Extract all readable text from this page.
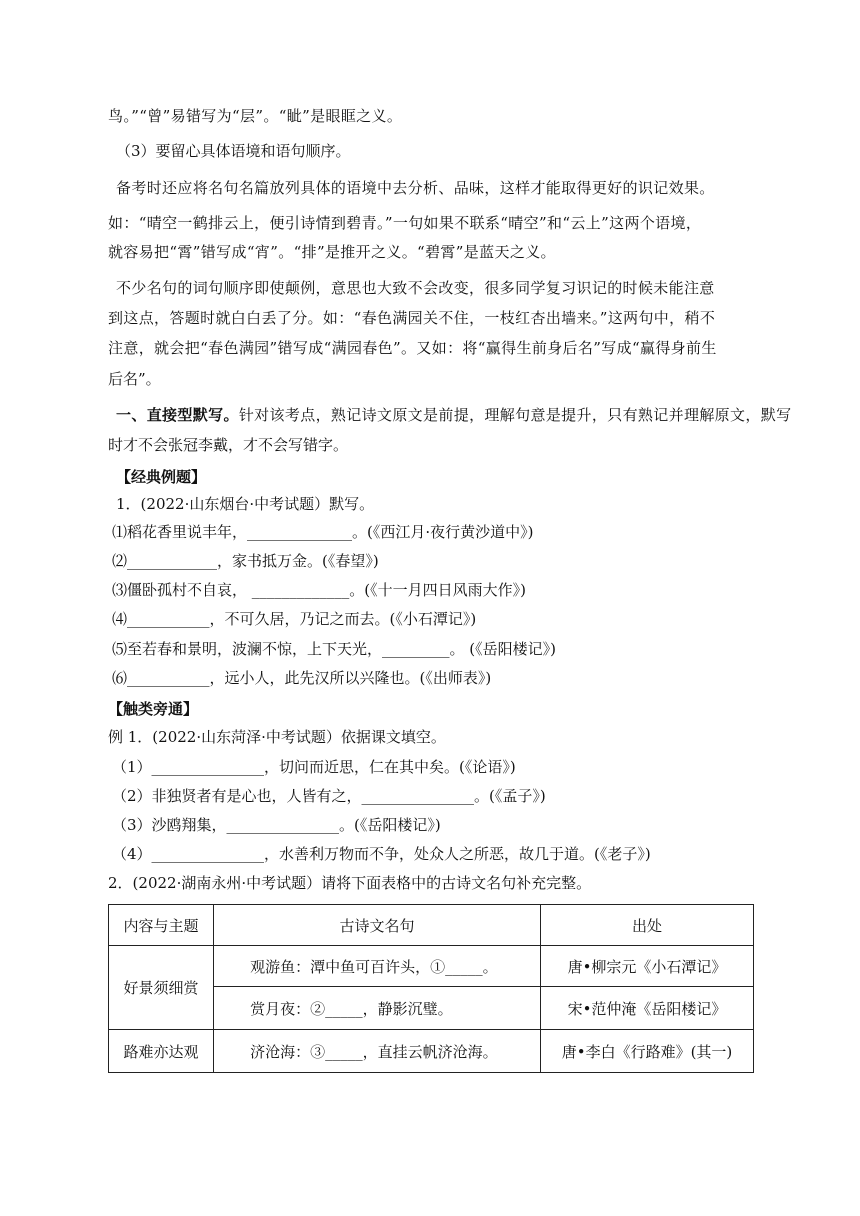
鸟。”“曾”易错写为“层”。“眦”是眼眶之义。
（3）要留心具体语境和语句顺序。
备考时还应将名句名篇放列具体的语境中去分析、品味，这样才能取得更好的识记效果。
如：“晴空一鹤排云上，便引诗情到碧青。”一句如果不联系“晴空”和“云上”这两个语境，
就容易把“霄”错写成“宵”。“排”是推开之义。“碧霄”是蓝天之义。
不少名句的词句顺序即使颠例，意思也大致不会改变，很多同学复习识记的时候未能注意
到这点，答题时就白白丢了分。如：“春色满园关不住，一枝红杏出墙来。”这两句中，稍不
注意，就会把“春色满园”错写成“满园春色”。又如：将“赢得生前身后名”写成“赢得身前生
后名”。
一、直接型默写。针对该考点，熟记诗文原文是前提，理解句意是提升，只有熟记并理解原文，默写
时才不会张冠李戴，才不会写错字。
【经典例题】
1．(2022·山东烟台·中考试题）默写。
⑴稻花香里说丰年，______________。(《西江月·夜行黄沙道中》)
⑵____________，家书抵万金。(《春望》)
⑶僵卧孤村不自哀， _____________。(《十一月四日风雨大作》)
⑷___________，不可久居，乃记之而去。(《小石潭记》)
⑸至若春和景明，波澜不惊，上下天光，_________。 (《岳阳楼记》)
⑹___________，远小人，此先汉所以兴隆也。(《出师表》)
【触类旁通】
例 1．(2022·山东菏泽·中考试题）依据课文填空。
（1）_______________，切问而近思，仁在其中矣。(《论语》)
（2）非独贤者有是心也，人皆有之，_______________。(《孟子》)
（3）沙鸥翔集，_______________。(《岳阳楼记》)
（4）_______________，水善利万物而不争，处众人之所恶，故几于道。(《老子》)
2．(2022·湖南永州·中考试题）请将下面表格中的古诗文名句补充完整。
内容与主题	古诗文名句	出处
好景须细赏	观游鱼：潭中鱼可百许头，①_____。	唐•柳宗元《小石潭记》
	赏月夜：②_____，静影沉璧。	宋•范仲淹《岳阳楼记》
路难亦达观	济沧海：③_____，直挂云帆济沧海。	唐•李白《行路难》(其一)
